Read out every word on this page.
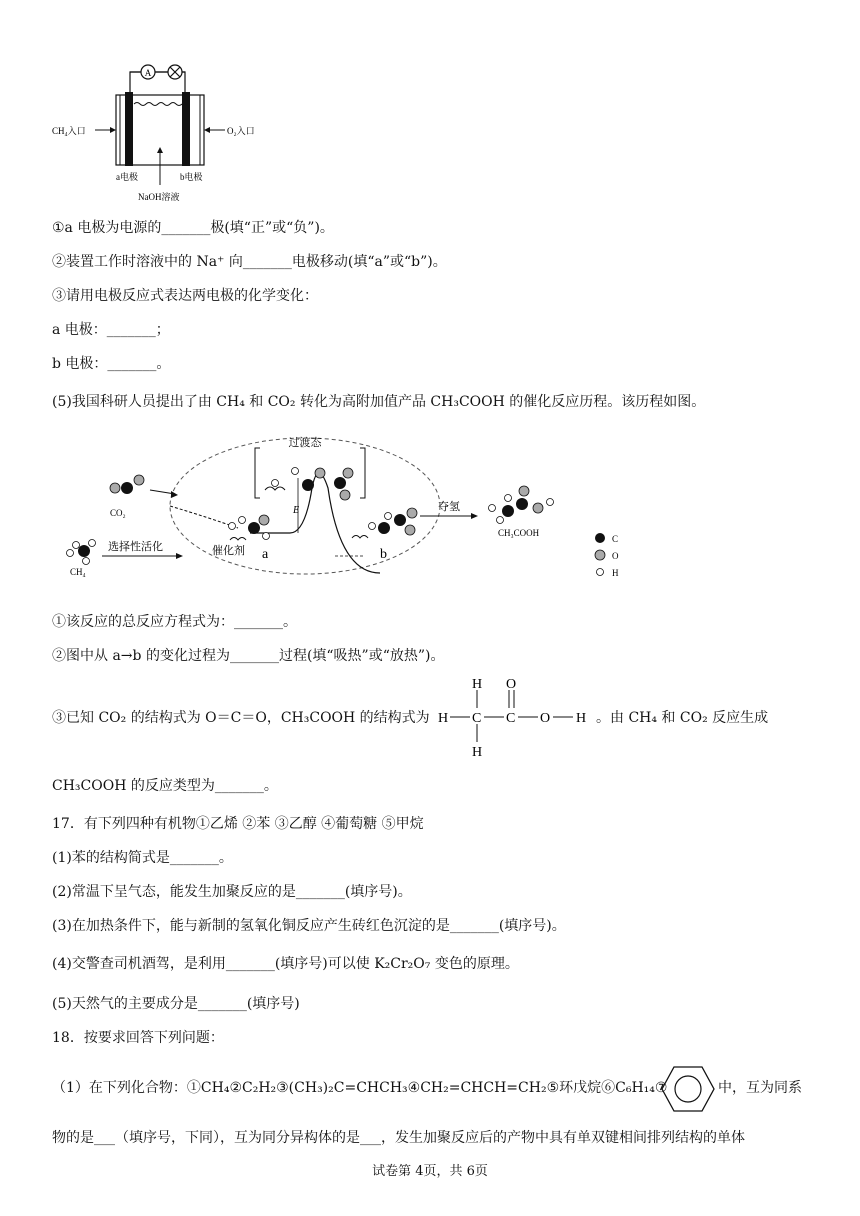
A
CH₄入口	O₂入口
a电极	b电极
NaOH溶液
①a 电极为电源的_______极(填“正”或“负”)。
②装置工作时溶液中的 Na⁺ 向_______电极移动(填“a”或“b”)。
③请用电极反应式表达两电极的化学变化：
a 电极：_______；
b 电极：_______。
(5)我国科研人员提出了由 CH₄ 和 CO₂ 转化为高附加值产品 CH₃COOH 的催化反应历程。该历程如图。
过渡态
CO₂
CH₄
选择性活化
E
催化剂 a	b
夺氢
CH₃COOH
C
O
H
①该反应的总反应方程式为：_______。
②图中从 a→b 的变化过程为_______过程(填“吸热”或“放热”)。
③已知 CO₂ 的结构式为 O＝C＝O，CH₃COOH 的结构式为 H C
H
H
C
O
O H 。由 CH₄ 和 CO₂ 反应生成
CH₃COOH 的反应类型为_______。
17．有下列四种有机物①乙烯 ②苯 ③乙醇 ④葡萄糖 ⑤甲烷
(1)苯的结构简式是_______。
(2)常温下呈气态，能发生加聚反应的是_______(填序号)。
(3)在加热条件下，能与新制的氢氧化铜反应产生砖红色沉淀的是_______(填序号)。
(4)交警查司机酒驾，是利用_______(填序号)可以使 K₂Cr₂O₇ 变色的原理。
(5)天然气的主要成分是_______(填序号)
18．按要求回答下列问题：
（1）在下列化合物：①CH₄②C₂H₂③(CH₃)₂C=CHCH₃④CH₂=CHCH=CH₂⑤环戊烷⑥C₆H₁₄⑦	中，互为同系
物的是___（填序号，下同），互为同分异构体的是___，发生加聚反应后的产物中具有单双键相间排列结构的单体
试卷第 4页，共 6页
